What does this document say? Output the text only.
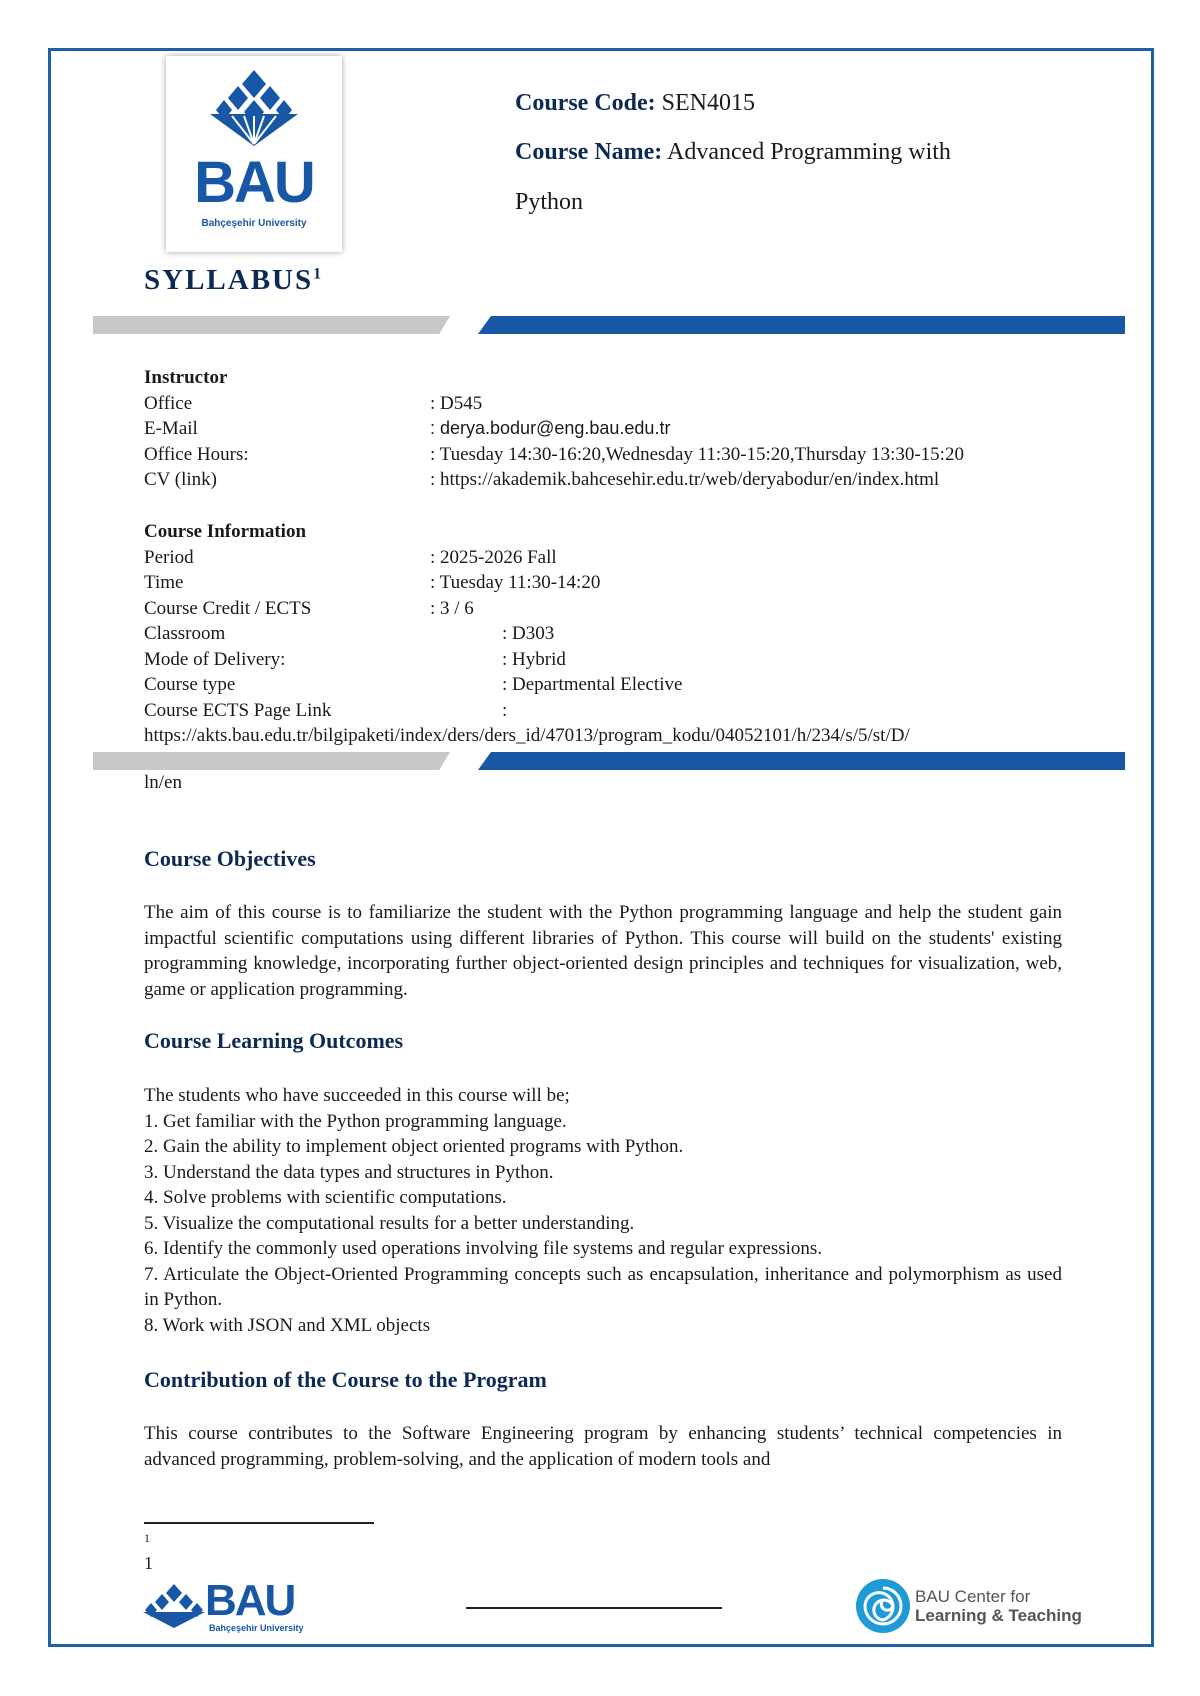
BAU
Bahçeşehir University
Course Code: SEN4015
Course Name: Advanced Programming with
Python
SYLLABUS$^1$
Instructor
Office	: D545
E-Mail	: derya.bodur@eng.bau.edu.tr
Office Hours:	: Tuesday 14:30-16:20,Wednesday 11:30-15:20,Thursday 13:30-15:20
CV (link)	: https://akademik.bahcesehir.edu.tr/web/deryabodur/en/index.html
Course Information
Period	: 2025-2026 Fall
Time	: Tuesday 11:30-14:20
Course Credit / ECTS	: 3 / 6
Classroom	: D303
Mode of Delivery:	: Hybrid
Course type	: Departmental Elective
Course ECTS Page Link	:
https://akts.bau.edu.tr/bilgipaketi/index/ders/ders_id/47013/program_kodu/04052101/h/234/s/5/st/D/
ln/en
Course Objectives
The aim of this course is to familiarize the student with the Python programming language and help the student gain impactful scientific computations using different libraries of Python. This course will build on the students' existing programming knowledge, incorporating further object-oriented design principles and techniques for visualization, web, game or application programming.
Course Learning Outcomes
The students who have succeeded in this course will be;
1. Get familiar with the Python programming language.
2. Gain the ability to implement object oriented programs with Python.
3. Understand the data types and structures in Python.
4. Solve problems with scientific computations.
5. Visualize the computational results for a better understanding.
6. Identify the commonly used operations involving file systems and regular expressions.
7. Articulate the Object-Oriented Programming concepts such as encapsulation, inheritance and polymorphism as used in Python.
8. Work with JSON and XML objects
Contribution of the Course to the Program
This course contributes to the Software Engineering program by enhancing students’ technical competencies in advanced programming, problem-solving, and the application of modern tools and
1
1
BAU
Bahçeşehir University
BAU Center for
Learning & Teaching
